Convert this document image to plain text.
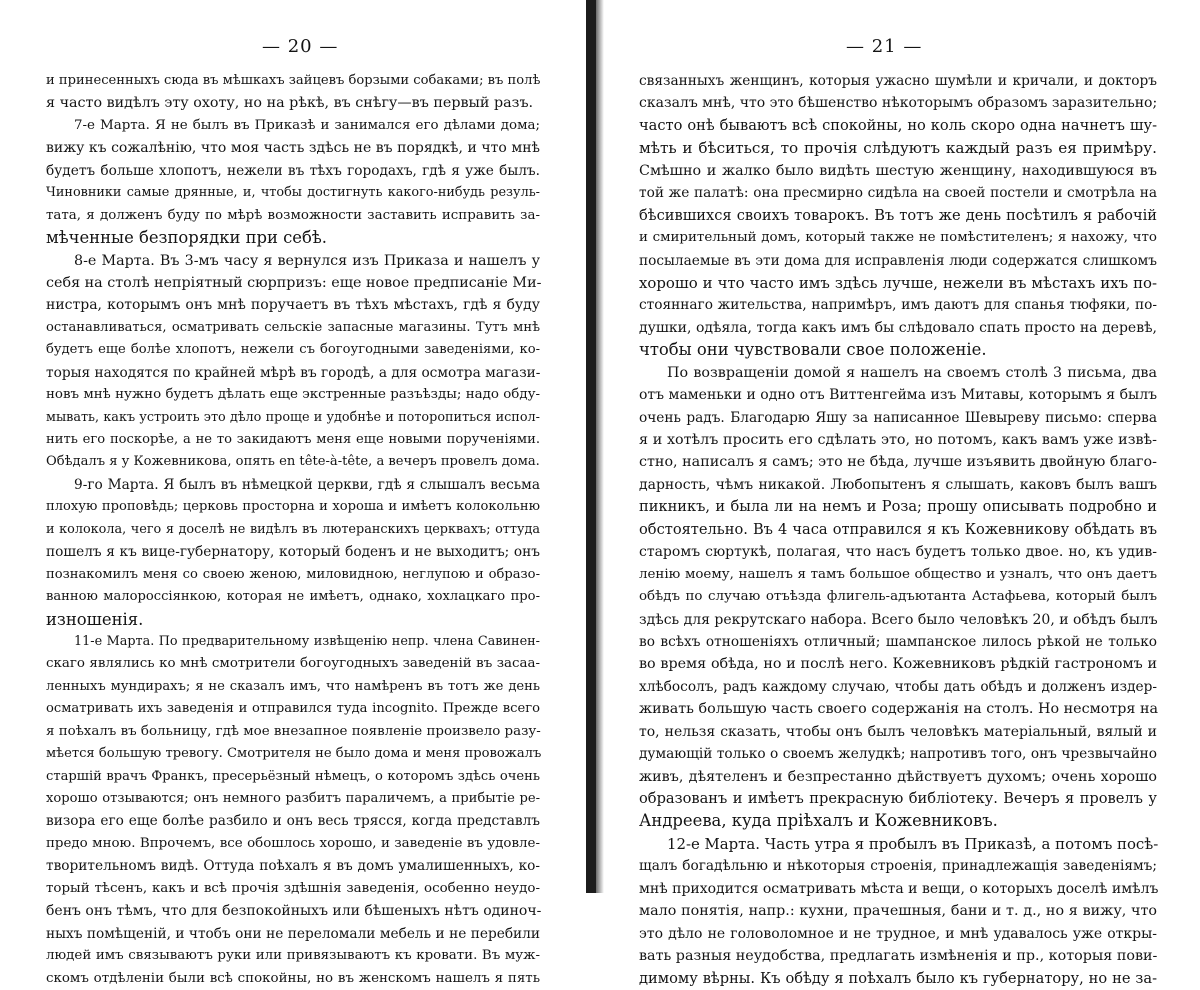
— 20 —
и принесенныхъ сюда въ мѣшкахъ зайцевъ борзыми собаками; въ полѣ
я часто видѣлъ эту охоту, но на рѣкѣ, въ снѣгу—въ первый разъ.
7-е Марта. Я не былъ въ Приказѣ и занимался его дѣлами дома;
вижу къ сожалѣнію, что моя часть здѣсь не въ порядкѣ, и что мнѣ
будетъ больше хлопотъ, нежели въ тѣхъ городахъ, гдѣ я уже былъ.
Чиновники самые дрянные, и, чтобы достигнуть какого-нибудь резуль-
тата, я долженъ буду по мѣрѣ возможности заставить исправить за-
мѣченные безпорядки при себѣ.
8-е Марта. Въ 3-мъ часу я вернулся изъ Приказа и нашелъ у
себя на столѣ непріятный сюрпризъ: еще новое предписаніе Ми-
нистра, которымъ онъ мнѣ поручаетъ въ тѣхъ мѣстахъ, гдѣ я буду
останавливаться, осматривать сельскіе запасные магазины. Тутъ мнѣ
будетъ еще болѣе хлопотъ, нежели съ богоугодными заведеніями, ко-
торыя находятся по крайней мѣрѣ въ городѣ, а для осмотра магази-
новъ мнѣ нужно будетъ дѣлать еще экстренные разъѣзды; надо обду-
мывать, какъ устроить это дѣло проще и удобнѣе и поторопиться испол-
нить его поскорѣе, а не то закидаютъ меня еще новыми порученіями.
Обѣдалъ я у Кожевникова, опять en tête-à-tête, а вечеръ провелъ дома.
9-го Марта. Я былъ въ нѣмецкой церкви, гдѣ я слышалъ весьма
плохую проповѣдь; церковь просторна и хороша и имѣетъ колокольню
и колокола, чего я доселѣ не видѣлъ въ лютеранскихъ церквахъ; оттуда
пошелъ я къ вице-губернатору, который боденъ и не выходитъ; онъ
познакомилъ меня со своею женою, миловидною, неглупою и образо-
ванною малороссіянкою, которая не имѣетъ, однако, хохлацкаго про-
изношенія.
11-е Марта. По предварительному извѣщенію непр. члена Савинен-
скаго являлись ко мнѣ смотрители богоугодныхъ заведеній въ засаа-
ленныхъ мундирахъ; я не сказалъ имъ, что намѣренъ въ тотъ же день
осматривать ихъ заведенія и отправился туда incognito. Прежде всего
я поѣхалъ въ больницу, гдѣ мое внезапное появленіе произвело разу-
мѣется большую тревогу. Смотрителя не было дома и меня провожалъ
старшій врачъ Франкъ, пресерьёзный нѣмецъ, о которомъ здѣсь очень
хорошо отзываются; онъ немного разбитъ параличемъ, а прибытіе ре-
визора его еще болѣе разбило и онъ весь трясся, когда представлъ
предо мною. Впрочемъ, все обошлось хорошо, и заведеніе въ удовле-
творительномъ видѣ. Оттуда поѣхалъ я въ домъ умалишенныхъ, ко-
торый тѣсенъ, какъ и всѣ прочія здѣшнія заведенія, особенно неудо-
бенъ онъ тѣмъ, что для безпокойныхъ или бѣшеныхъ нѣтъ одиноч-
ныхъ помѣщеній, и чтобъ они не переломали мебель и не перебили
людей имъ связываютъ руки или привязываютъ къ кровати. Въ муж-
скомъ отдѣленіи были всѣ спокойны, но въ женскомъ нашелъ я пять
— 21 —
связанныхъ женщинъ, которыя ужасно шумѣли и кричали, и докторъ
сказалъ мнѣ, что это бѣшенство нѣкоторымъ образомъ заразительно;
часто онѣ бываютъ всѣ спокойны, но коль скоро одна начнетъ шу-
мѣть и бѣситься, то прочія слѣдуютъ каждый разъ ея примѣру.
Смѣшно и жалко было видѣть шестую женщину, находившуюся въ
той же палатѣ: она пресмирно сидѣла на своей постели и смотрѣла на
бѣсившихся своихъ товарокъ. Въ тотъ же день посѣтилъ я рабочій
и смирительный домъ, который также не помѣстителенъ; я нахожу, что
посылаемые въ эти дома для исправленія люди содержатся слишкомъ
хорошо и что часто имъ здѣсь лучше, нежели въ мѣстахъ ихъ по-
стояннаго жительства, напримѣръ, имъ даютъ для спанья тюфяки, по-
душки, одѣяла, тогда какъ имъ бы слѣдовало спать просто на деревѣ,
чтобы они чувствовали свое положеніе.
По возвращеніи домой я нашелъ на своемъ столѣ 3 письма, два
отъ маменьки и одно отъ Виттенгейма изъ Митавы, которымъ я былъ
очень радъ. Благодарю Яшу за написанное Шевыреву письмо: сперва
я и хотѣлъ просить его сдѣлать это, но потомъ, какъ вамъ уже извѣ-
стно, написалъ я самъ; это не бѣда, лучше изъявить двойную благо-
дарность, чѣмъ никакой. Любопытенъ я слышать, каковъ былъ вашъ
пикникъ, и была ли на немъ и Роза; прошу описывать подробно и
обстоятельно. Въ 4 часа отправился я къ Кожевникову обѣдать въ
старомъ сюртукѣ, полагая, что насъ будетъ только двое. но, къ удив-
ленію моему, нашелъ я тамъ большое общество и узналъ, что онъ даетъ
обѣдъ по случаю отъѣзда флигель-адъютанта Астафьева, который былъ
здѣсь для рекрутскаго набора. Всего было человѣкъ 20, и обѣдъ былъ
во всѣхъ отношеніяхъ отличный; шампанское лилось рѣкой не только
во время обѣда, но и послѣ него. Кожевниковъ рѣдкій гастрономъ и
хлѣбосолъ, радъ каждому случаю, чтобы дать обѣдъ и долженъ издер-
живать большую часть своего содержанія на столъ. Но несмотря на
то, нельзя сказать, чтобы онъ былъ человѣкъ матеріальный, вялый и
думающій только о своемъ желудкѣ; напротивъ того, онъ чрезвычайно
живъ, дѣятеленъ и безпрестанно дѣйствуетъ духомъ; очень хорошо
образованъ и имѣетъ прекрасную библіотеку. Вечеръ я провелъ у
Андреева, куда пріѣхалъ и Кожевниковъ.
12-е Марта. Часть утра я пробылъ въ Приказѣ, а потомъ посѣ-
щалъ богадѣльню и нѣкоторыя строенія, принадлежащія заведеніямъ;
мнѣ приходится осматривать мѣста и вещи, о которыхъ доселѣ имѣлъ
мало понятія, напр.: кухни, прачешныя, бани и т. д., но я вижу, что
это дѣло не головоломное и не трудное, и мнѣ удавалось уже откры-
вать разныя неудобства, предлагать измѣненія и пр., которыя пови-
димому вѣрны. Къ обѣду я поѣхалъ было къ губернатору, но не за-
